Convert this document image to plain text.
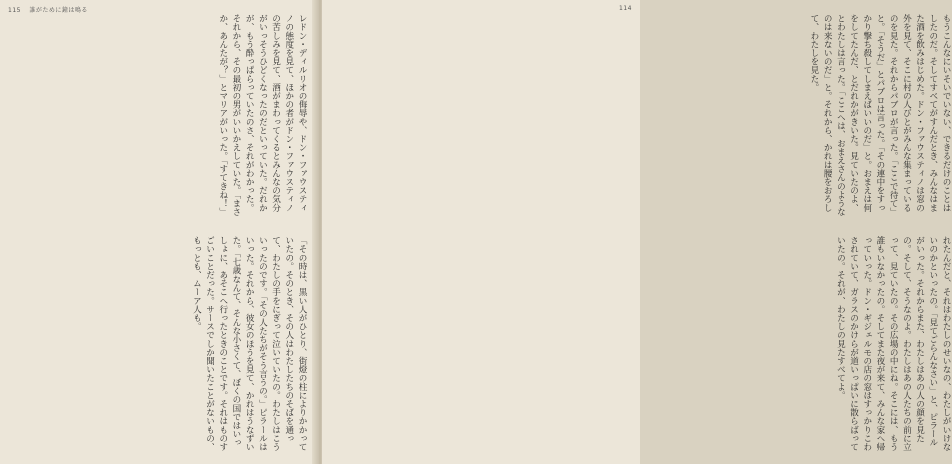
115 誰がために鐘は鳴る

レドン・ディルリオの侮辱や、ドン・ファウスティノの態度を見て、ほかの者がドン・ファウスティノの苦しみを見て、酒がまわってくるとみんなの気分がいっそうひどくなったのだといっていた。だれかが、もう酔っぱらっていたのさ、それがわかった。それから、その最初の男がいいかえしていた。「まさか、あんたが？」とマリアがいった。「すてきね！」

「その時は、黒い人がひとり、街燈の柱によりかかっていたの。そのとき、その人はわたしたちのそばを通って、わたしの手をにぎって泣いていたの。わたしはこういったのです。「その人たちがそう言うの。」ピラールはいった。それから、彼女のほうを見て、かれはうなずいた。「七歳なんて、そんな小さくて、ぼくの国ではいっしょに、あそこへ行ったときのことです。それはものすごいことだった。サースでしか聞いたことがないもの、もっとも、ムーア人も。

114

もうこんなにいそいでいない、できるだけのことはしたのだ。そしてすべてがすんだとき、みんなはまた酒を飲みはじめた。ドン・ファウスティノは窓の外を見て、そこに村の人びとがみんな集まっているのを見た。それからパブロが言った。「ここで待て」と。「そうだ」とパブロは言った。「その連中をすっかり撃ち殺してしまえばいいのだ」と。おまえは何をしてたんだ、とだれかがきいた。見ていたのよ、とわたしは言った。「ここへは、おまえさんのようなのは来ないのだ」と。それから、かれは腰をおろして、わたしを見た。

れたんだと、それはわたしのせいなの、わたしがいけないのかといったの。「見てごらんなさい」と、ピラールがいった。それからまた、わたしはあの人の顔を見たの。そして、そうなのよ。わたしはあの人たちの前に立って、見ていたの。その広場の中にね。そこには、もう誰もいなかったの。そしてまた夜が来て、みんな家へ帰っていった。ドン・ギジェルモの店の窓はすっかりこわされていて、ガラスのかけらが道いっぱいに散らばっていたの。それが、わたしの見たすべてよ。
